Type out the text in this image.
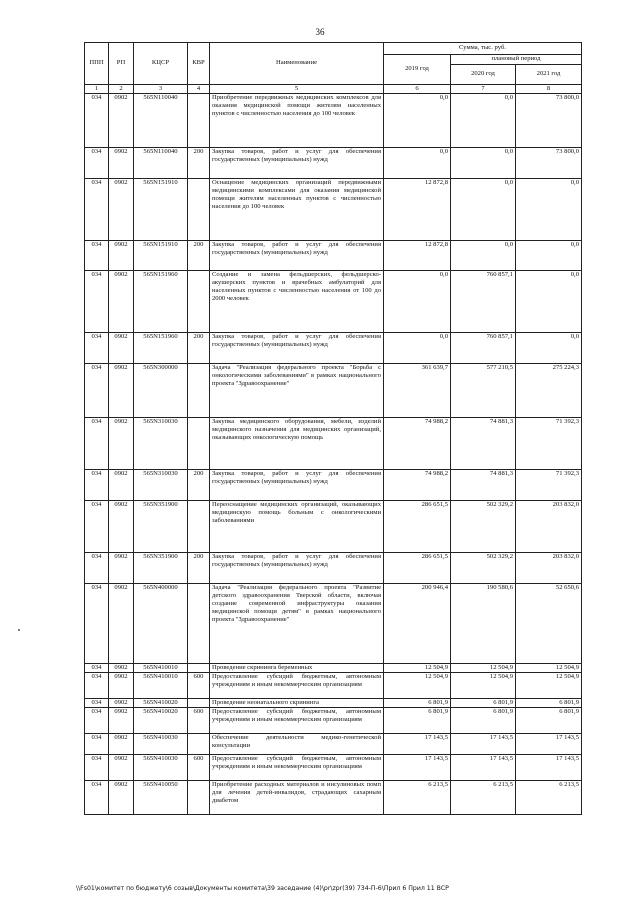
36
ППП	РП	КЦСР	КВР	Наименование	Сумма, тыс. руб.		
					2019 год	плановый период	
						2020 год	2021 год
1	2	3	4	5	6	7	8
034	0902	565N110040		Приобретение передвижных медицинских комплексов для оказания медицинской помощи жителям населенных пунктов с численностью населения до 100 человек	0,0	0,0	73 800,0
034	0902	565N110040	200	Закупка товаров, работ и услуг для обеспечения государственных (муниципальных) нужд	0,0	0,0	73 800,0
034	0902	565N151910		Оснащение медицинских организаций передвижными медицинскими комплексами для оказания медицинской помощи жителям населенных пунктов с численностью населения до 100 человек	12 872,8	0,0	0,0
034	0902	565N151910	200	Закупка товаров, работ и услуг для обеспечения государственных (муниципальных) нужд	12 872,8	0,0	0,0
034	0902	565N151960		Создание и замена фельдшерских, фельдшерско-акушерских пунктов и врачебных амбулаторий для населенных пунктов с численностью населения от 100 до 2000 человек	0,0	760 857,1	0,0
034	0902	565N151960	200	Закупка товаров, работ и услуг для обеспечения государственных (муниципальных) нужд	0,0	760 857,1	0,0
034	0902	565N300000		Задача "Реализация федерального проекта "Борьба с онкологическими заболеваниями" в рамках национального проекта "Здравоохранение"	361 639,7	577 210,5	275 224,3
034	0902	565N310030		Закупка медицинского оборудования, мебели, изделий медицинского назначения для медицинских организаций, оказывающих онкологическую помощь	74 988,2	74 881,3	71 392,3
034	0902	565N310030	200	Закупка товаров, работ и услуг для обеспечения государственных (муниципальных) нужд	74 988,2	74 881,3	71 392,3
034	0902	565N351900		Переоснащение медицинских организаций, оказывающих медицинскую помощь больным с онкологическими заболеваниями	286 651,5	502 329,2	203 832,0
034	0902	565N351900	200	Закупка товаров, работ и услуг для обеспечения государственных (муниципальных) нужд	286 651,5	502 329,2	203 832,0
034	0902	565N400000		Задача "Реализация федерального проекта "Развитие детского здравоохранения Тверской области, включая создание современной инфраструктуры оказания медицинской помощи детям" в рамках национального проекта "Здравоохранение"	200 946,4	190 580,6	52 650,6
034	0902	565N410010		Проведение скрининга беременных	12 504,9	12 504,9	12 504,9
034	0902	565N410010	600	Предоставление субсидий бюджетным, автономным учреждениям и иным некоммерческим организациям	12 504,9	12 504,9	12 504,9
034	0902	565N410020		Проведение неонатального скрининга	6 801,9	6 801,9	6 801,9
034	0902	565N410020	600	Предоставление субсидий бюджетным, автономным учреждениям и иным некоммерческим организациям	6 801,9	6 801,9	6 801,9
034	0902	565N410030		Обеспечение деятельности медико-генетической консультации	17 143,5	17 143,5	17 143,5
034	0902	565N410030	600	Предоставление субсидий бюджетным, автономным учреждениям и иным некоммерческим организациям	17 143,5	17 143,5	17 143,5
034	0902	565N410050		Приобретение расходных материалов и инсулиновых помп для лечения детей-инвалидов, страдающих сахарным диабетом	6 213,5	6 213,5	6 213,5
\\Fs01\комитет по бюджету\6 созыв\Документы комитета\39 заседание (4)\pr\zpr(39) 734-П-6\Прил 6 Прил 11 ВСР
